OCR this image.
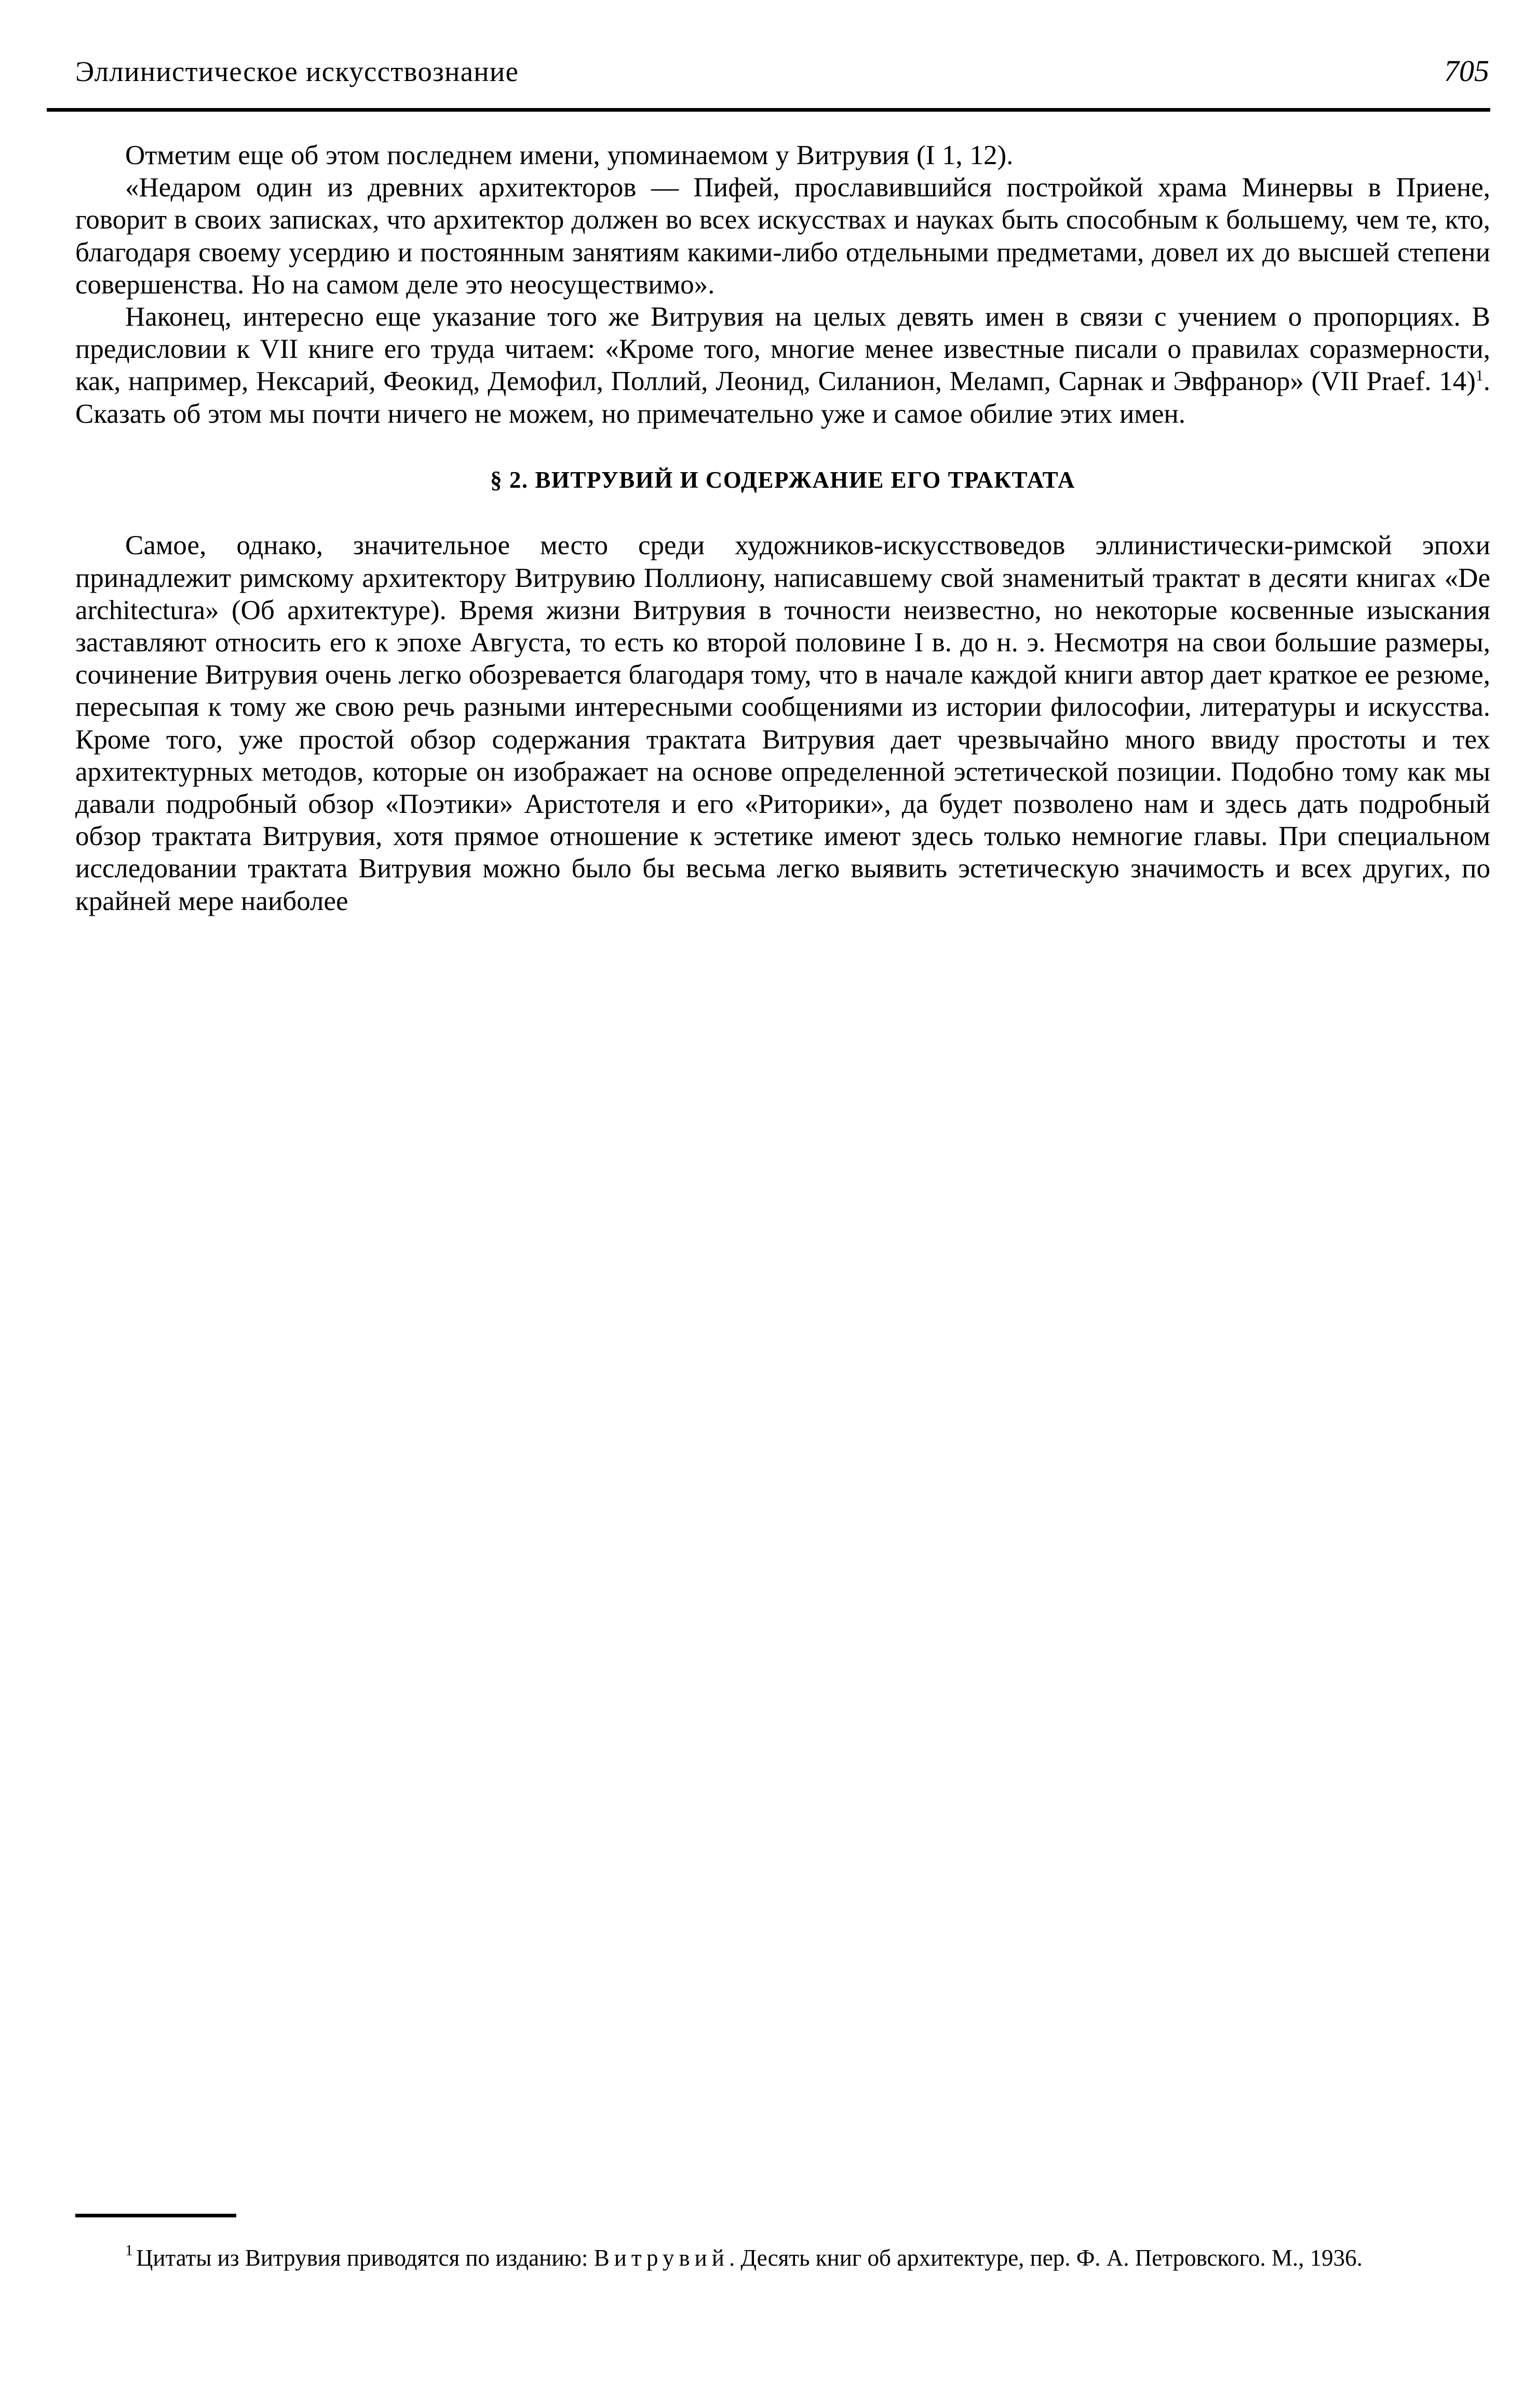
Эллинистическое искусствознание	705

Отметим еще об этом последнем имени, упоминаемом у Витрувия (I 1, 12).

«Недаром один из древних архитекторов — Пифей, прославившийся постройкой храма Минервы в Приене, говорит в своих записках, что архитектор должен во всех искусствах и науках быть способным к большему, чем те, кто, благодаря своему усердию и постоянным занятиям какими-либо отдельными предметами, довел их до высшей степени совершенства. Но на самом деле это неосуществимо».

Наконец, интересно еще указание того же Витрувия на целых девять имен в связи с учением о пропорциях. В предисловии к VII книге его труда читаем: «Кроме того, многие менее известные писали о правилах соразмерности, как, например, Нексарий, Феокид, Демофил, Поллий, Леонид, Силанион, Меламп, Сарнак и Эвфранор» (VII Praef. 14)$^1$. Сказать об этом мы почти ничего не можем, но примечательно уже и самое обилие этих имен.

§ 2. ВИТРУВИЙ И СОДЕРЖАНИЕ ЕГО ТРАКТАТА

Самое, однако, значительное место среди художников-искусствоведов эллинистически-римской эпохи принадлежит римскому архитектору Витрувию Поллиону, написавшему свой знаменитый трактат в десяти книгах «De architectura» (Об архитектуре). Время жизни Витрувия в точности неизвестно, но некоторые косвенные изыскания заставляют относить его к эпохе Августа, то есть ко второй половине I в. до н. э. Несмотря на свои большие размеры, сочинение Витрувия очень легко обозревается благодаря тому, что в начале каждой книги автор дает краткое ее резюме, пересыпая к тому же свою речь разными интересными сообщениями из истории философии, литературы и искусства. Кроме того, уже простой обзор содержания трактата Витрувия дает чрезвычайно много ввиду простоты и тех архитектурных методов, которые он изображает на основе определенной эстетической позиции. Подобно тому как мы давали подробный обзор «Поэтики» Аристотеля и его «Риторики», да будет позволено нам и здесь дать подробный обзор трактата Витрувия, хотя прямое отношение к эстетике имеют здесь только немногие главы. При специальном исследовании трактата Витрувия можно было бы весьма легко выявить эстетическую значимость и всех других, по крайней мере наиболее

$^1$ Цитаты из Витрувия приводятся по изданию: Витрувий. Десять книг об архитектуре, пер. Ф. А. Петровского. М., 1936.
